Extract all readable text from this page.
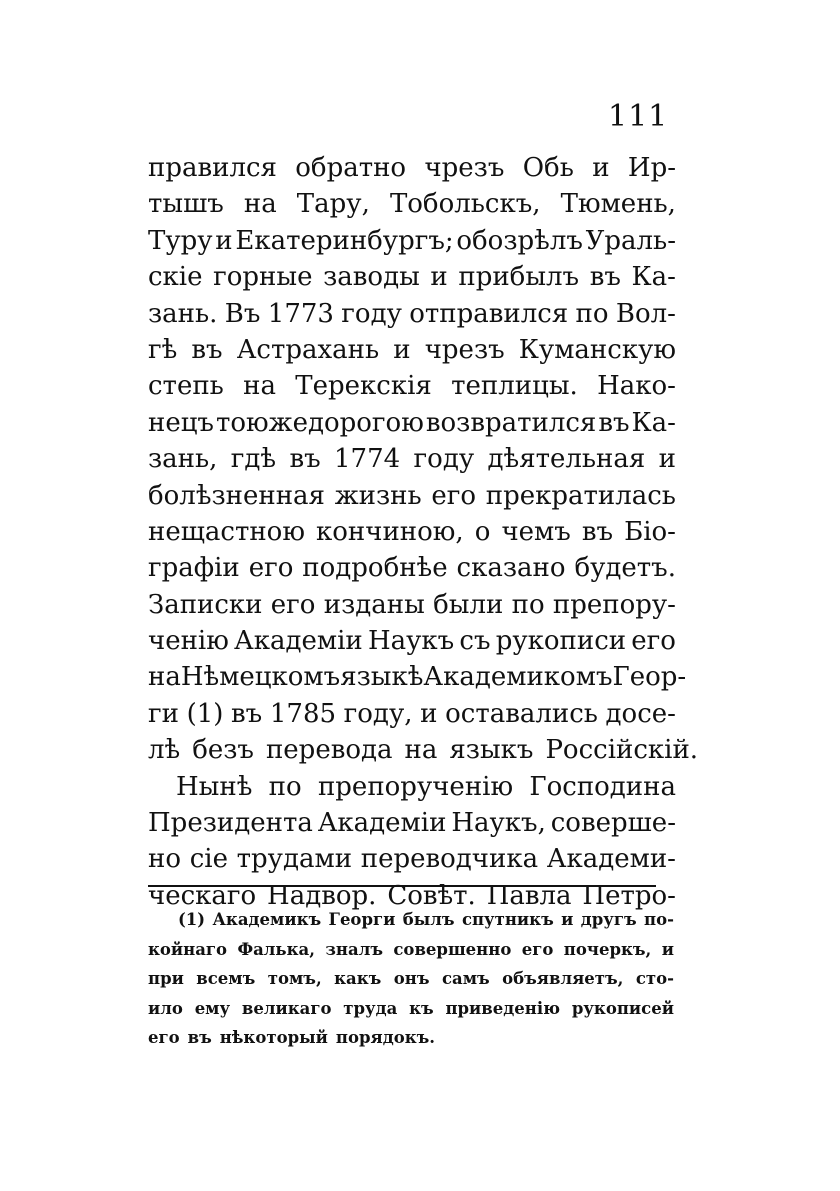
111
правился обратно чрезъ Обь и Ир-
тышъ на Тару, Тобольскъ, Тюмень,
Туру и Екатеринбургъ; обозрѣлъ Ураль-
скіе горные заводы и прибылъ въ Ка-
зань. Въ 1773 году отправился по Вол-
гѣ въ Астрахань и чрезъ Куманскую
степь на Терекскія теплицы. Нако-
нецъ тоюжедорогою возвратился въ Ка-
зань, гдѣ въ 1774 году дѣятельная и
болѣзненная жизнь его прекратилась
нещастною кончиною, о чемъ въ Біо-
графіи его подробнѣе сказано будетъ.
Записки его изданы были по препору-
ченію Академіи Наукъ съ рукописи его
на Нѣмецкомъ языкѣ Академикомъ Геор-
ги (1) въ 1785 году, и оставались досе-
лѣ безъ перевода на языкъ Россійскій.
Нынѣ по препорученію Господина
Президента Академіи Наукъ, соверше-
но сіе трудами переводчика Академи-
ческаго Надвор. Совѣт. Павла Петро-
(1) Академикъ Георги былъ спутникъ и другъ по-
койнаго Фалька, зналъ совершенно его почеркъ, и
при всемъ томъ, какъ онъ самъ объявляетъ, сто-
ило ему великаго труда къ приведенію рукописей
его въ нѣкоторый порядокъ.
